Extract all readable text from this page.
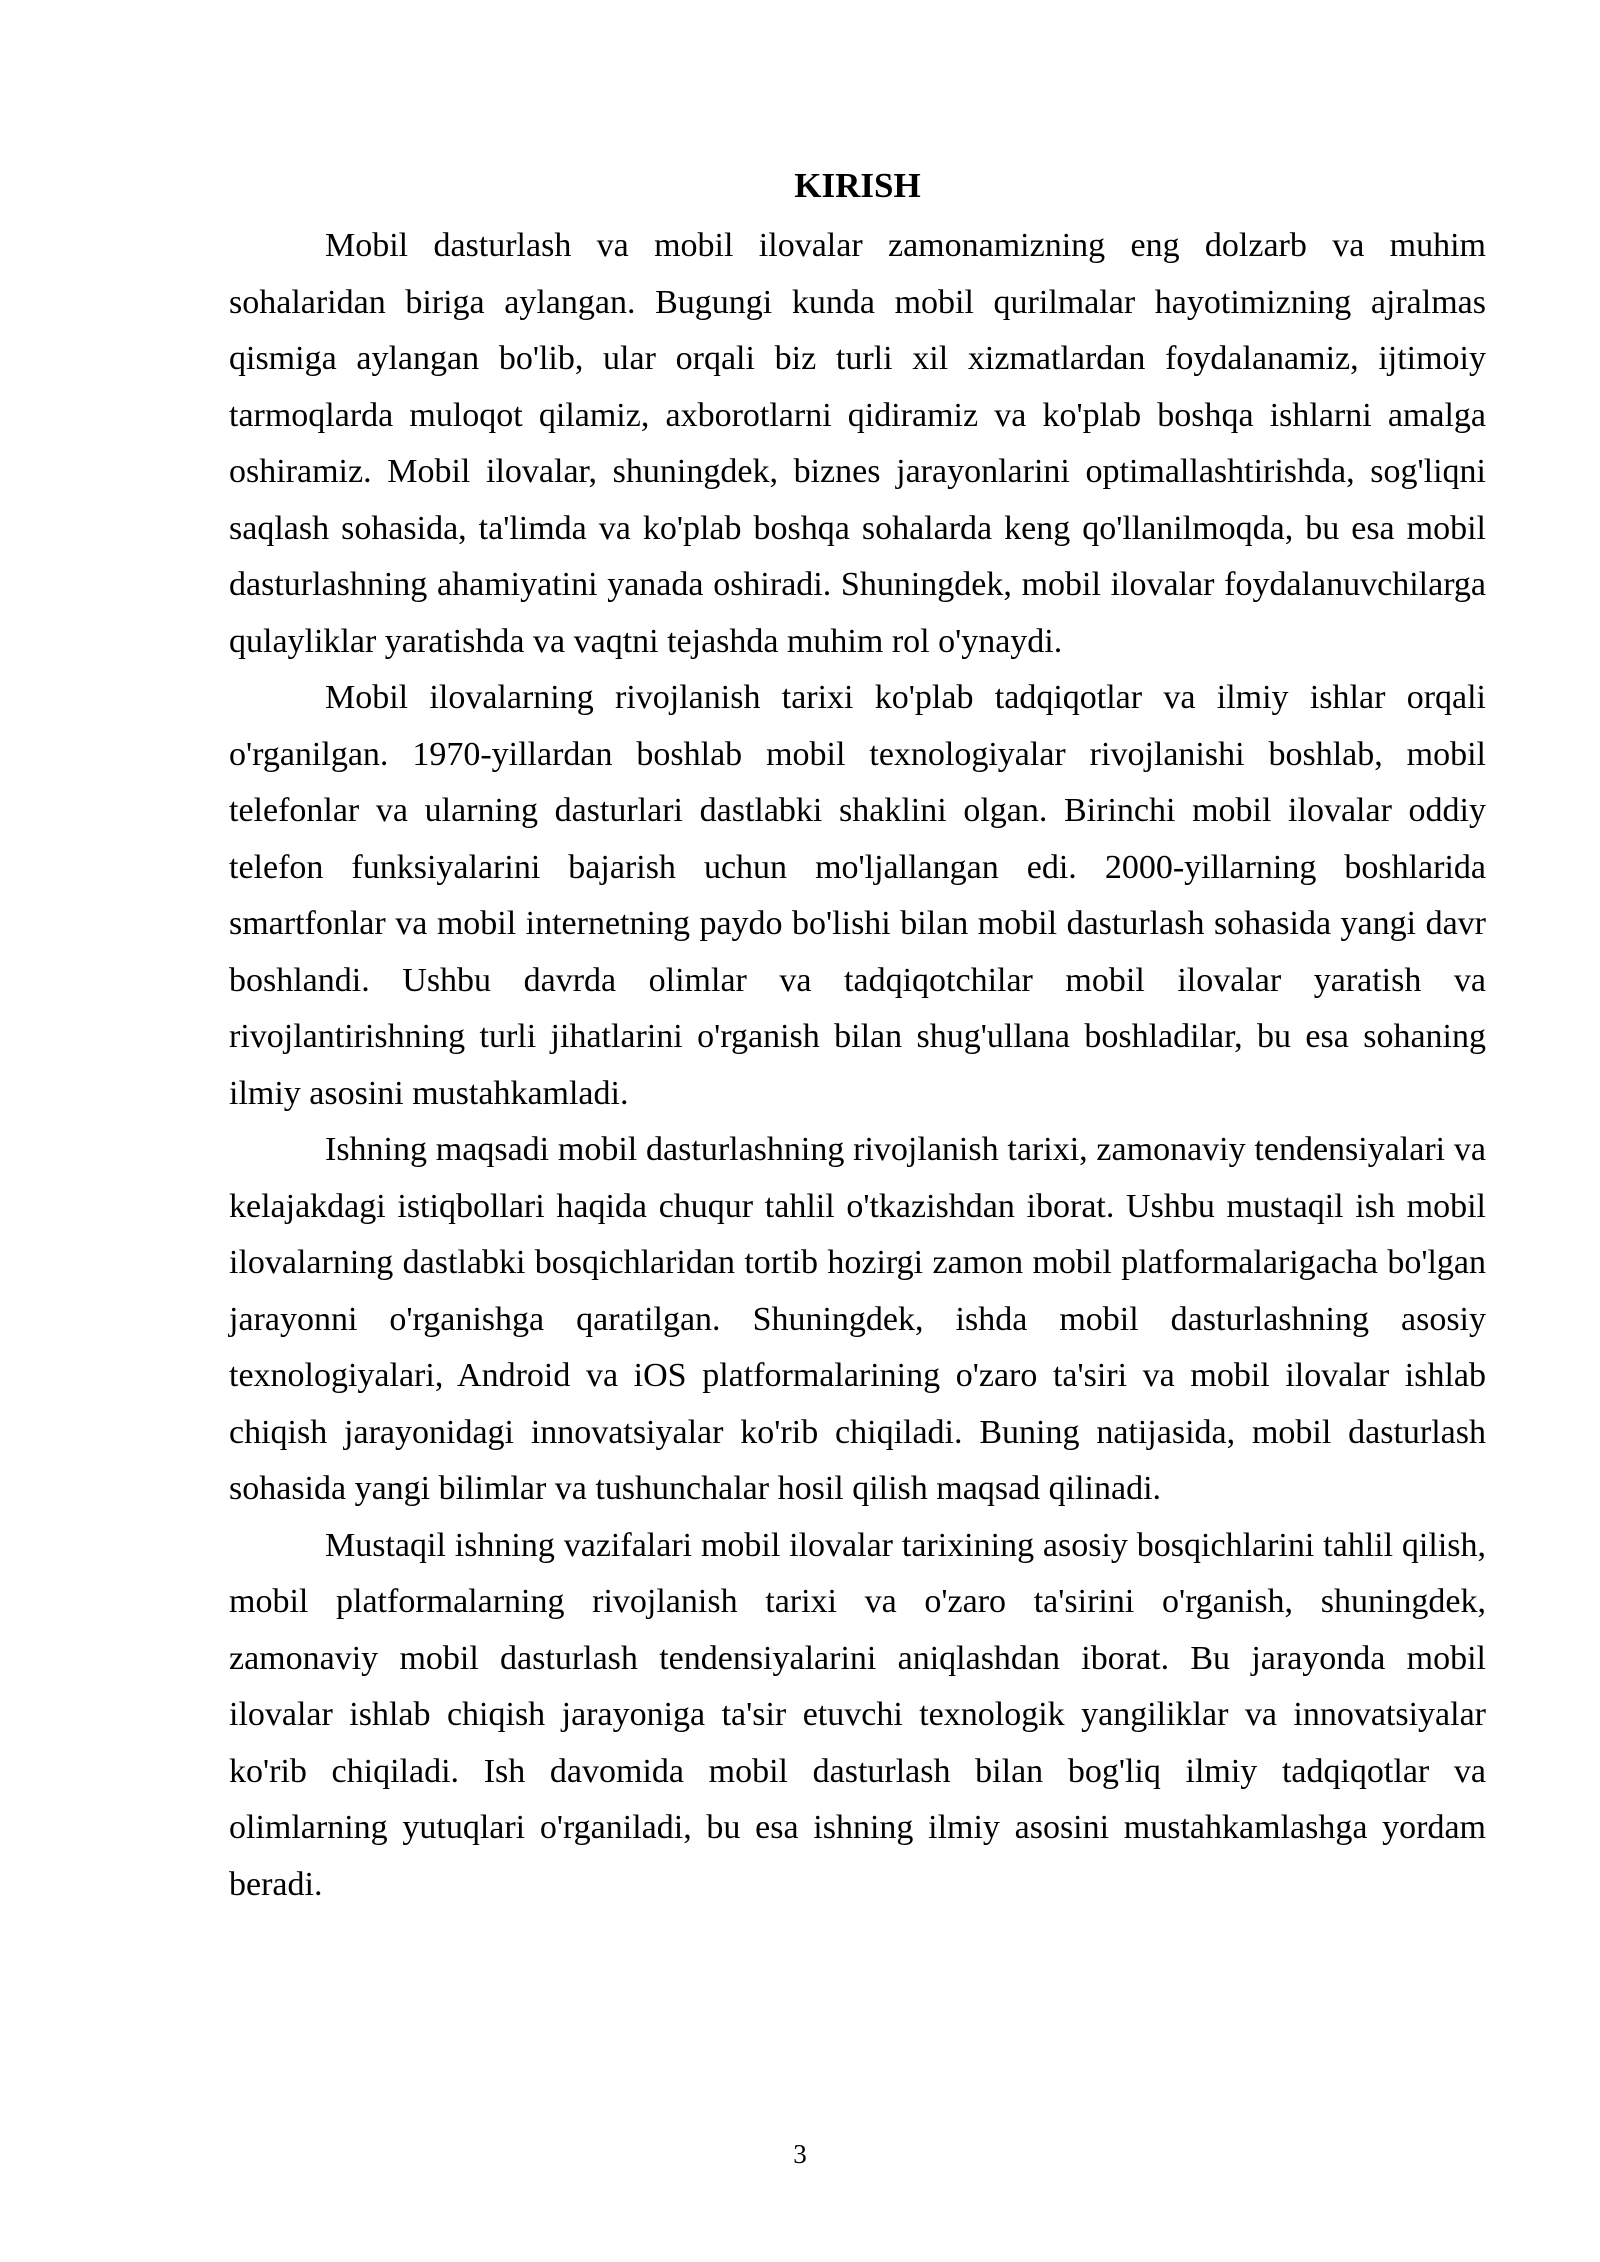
KIRISH

Mobil dasturlash va mobil ilovalar zamonamizning eng dolzarb va muhim sohalaridan biriga aylangan. Bugungi kunda mobil qurilmalar hayotimizning ajralmas qismiga aylangan bo'lib, ular orqali biz turli xil xizmatlardan foydalanamiz, ijtimoiy tarmoqlarda muloqot qilamiz, axborotlarni qidiramiz va ko'plab boshqa ishlarni amalga oshiramiz. Mobil ilovalar, shuningdek, biznes jarayonlarini optimallashtirishda, sog'liqni saqlash sohasida, ta'limda va ko'plab boshqa sohalarda keng qo'llanilmoqda, bu esa mobil dasturlashning ahamiyatini yanada oshiradi. Shuningdek, mobil ilovalar foydalanuvchilarga qulayliklar yaratishda va vaqtni tejashda muhim rol o'ynaydi.

Mobil ilovalarning rivojlanish tarixi ko'plab tadqiqotlar va ilmiy ishlar orqali o'rganilgan. 1970-yillardan boshlab mobil texnologiyalar rivojlanishi boshlab, mobil telefonlar va ularning dasturlari dastlabki shaklini olgan. Birinchi mobil ilovalar oddiy telefon funksiyalarini bajarish uchun mo'ljallangan edi. 2000-yillarning boshlarida smartfonlar va mobil internetning paydo bo'lishi bilan mobil dasturlash sohasida yangi davr boshlandi. Ushbu davrda olimlar va tadqiqotchilar mobil ilovalar yaratish va rivojlantirishning turli jihatlarini o'rganish bilan shug'ullana boshladilar, bu esa sohaning ilmiy asosini mustahkamladi.

Ishning maqsadi mobil dasturlashning rivojlanish tarixi, zamonaviy tendensiyalari va kelajakdagi istiqbollari haqida chuqur tahlil o'tkazishdan iborat. Ushbu mustaqil ish mobil ilovalarning dastlabki bosqichlaridan tortib hozirgi zamon mobil platformalarigacha bo'lgan jarayonni o'rganishga qaratilgan. Shuningdek, ishda mobil dasturlashning asosiy texnologiyalari, Android va iOS platformalarining o'zaro ta'siri va mobil ilovalar ishlab chiqish jarayonidagi innovatsiyalar ko'rib chiqiladi. Buning natijasida, mobil dasturlash sohasida yangi bilimlar va tushunchalar hosil qilish maqsad qilinadi.

Mustaqil ishning vazifalari mobil ilovalar tarixining asosiy bosqichlarini tahlil qilish, mobil platformalarning rivojlanish tarixi va o'zaro ta'sirini o'rganish, shuningdek, zamonaviy mobil dasturlash tendensiyalarini aniqlashdan iborat. Bu jarayonda mobil ilovalar ishlab chiqish jarayoniga ta'sir etuvchi texnologik yangiliklar va innovatsiyalar ko'rib chiqiladi. Ish davomida mobil dasturlash bilan bog'liq ilmiy tadqiqotlar va olimlarning yutuqlari o'rganiladi, bu esa ishning ilmiy asosini mustahkamlashga yordam beradi.

3
